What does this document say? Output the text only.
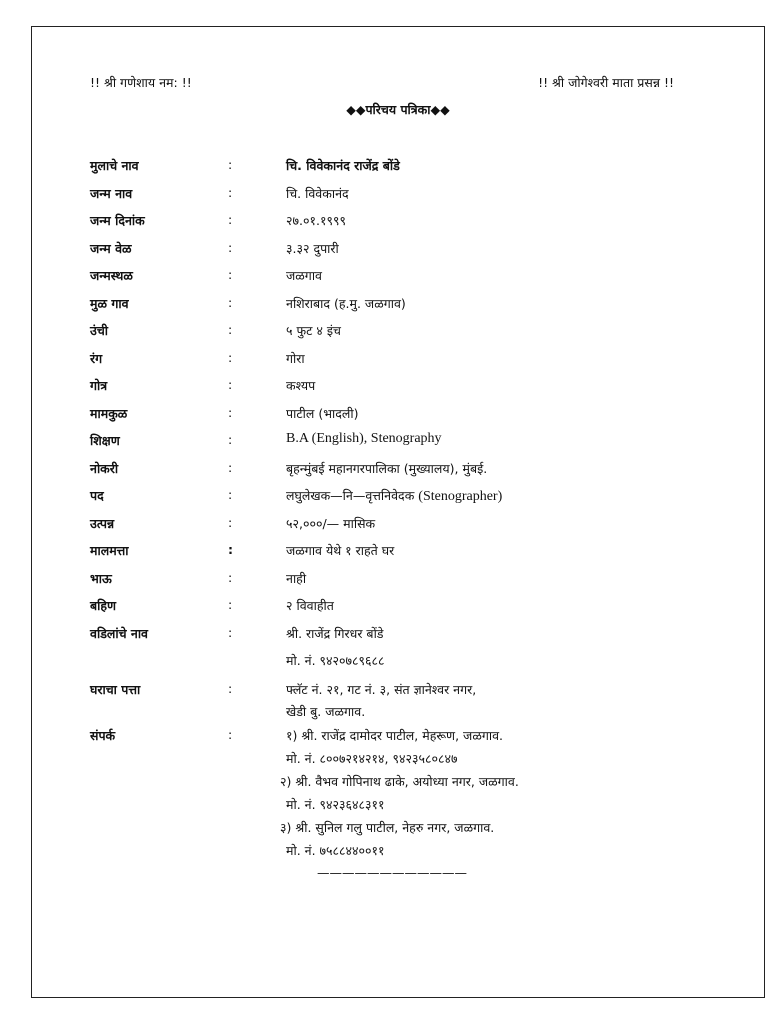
!! श्री गणेशाय नम: !!	!! श्री जोगेश्वरी माता प्रसन्न !!
◆◆परिचय पत्रिका◆◆
मुलाचे नाव	:	चि. विवेकानंद राजेंद्र बोंडे
जन्म नाव	:	चि. विवेकानंद
जन्म दिनांक	:	२७.०१.१९९९
जन्म वेळ	:	३.३२ दुपारी
जन्मस्थळ	:	जळगाव
मुळ गाव	:	नशिराबाद (ह.मु. जळगाव)
उंची	:	५ फुट ४ इंच
रंग	:	गोरा
गोत्र	:	कश्यप
मामकुळ	:	पाटील (भादली)
शिक्षण	:	B.A (English), Stenography
नोकरी	:	बृहन्मुंबई महानगरपालिका (मुख्यालय), मुंबई.
पद	:	लघुलेखक—नि—वृत्तनिवेदक (Stenographer)
उत्पन्न	:	५२,०००/— मासिक
मालमत्ता	:	जळगाव येथे १ राहते घर
भाऊ	:	नाही
बहिण	:	२ विवाहीत
वडिलांचे नाव	:	श्री. राजेंद्र गिरधर बोंडे
मो. नं. ९४२०७८९६८८
घराचा पत्ता	:	फ्लॅट नं. २१, गट नं. ३, संत ज्ञानेश्वर नगर,
खेडी बु. जळगाव.
संपर्क	:	१) श्री. राजेंद्र दामोदर पाटील, मेहरूण, जळगाव.
मो. नं. ८००७२१४२१४, ९४२३५८०८४७
२) श्री. वैभव गोपिनाथ ढाके, अयोध्या नगर, जळगाव.
मो. नं. ९४२३६४८३११
३) श्री. सुनिल गलु पाटील, नेहरु नगर, जळगाव.
मो. नं. ७५८८४४००११
————————————
